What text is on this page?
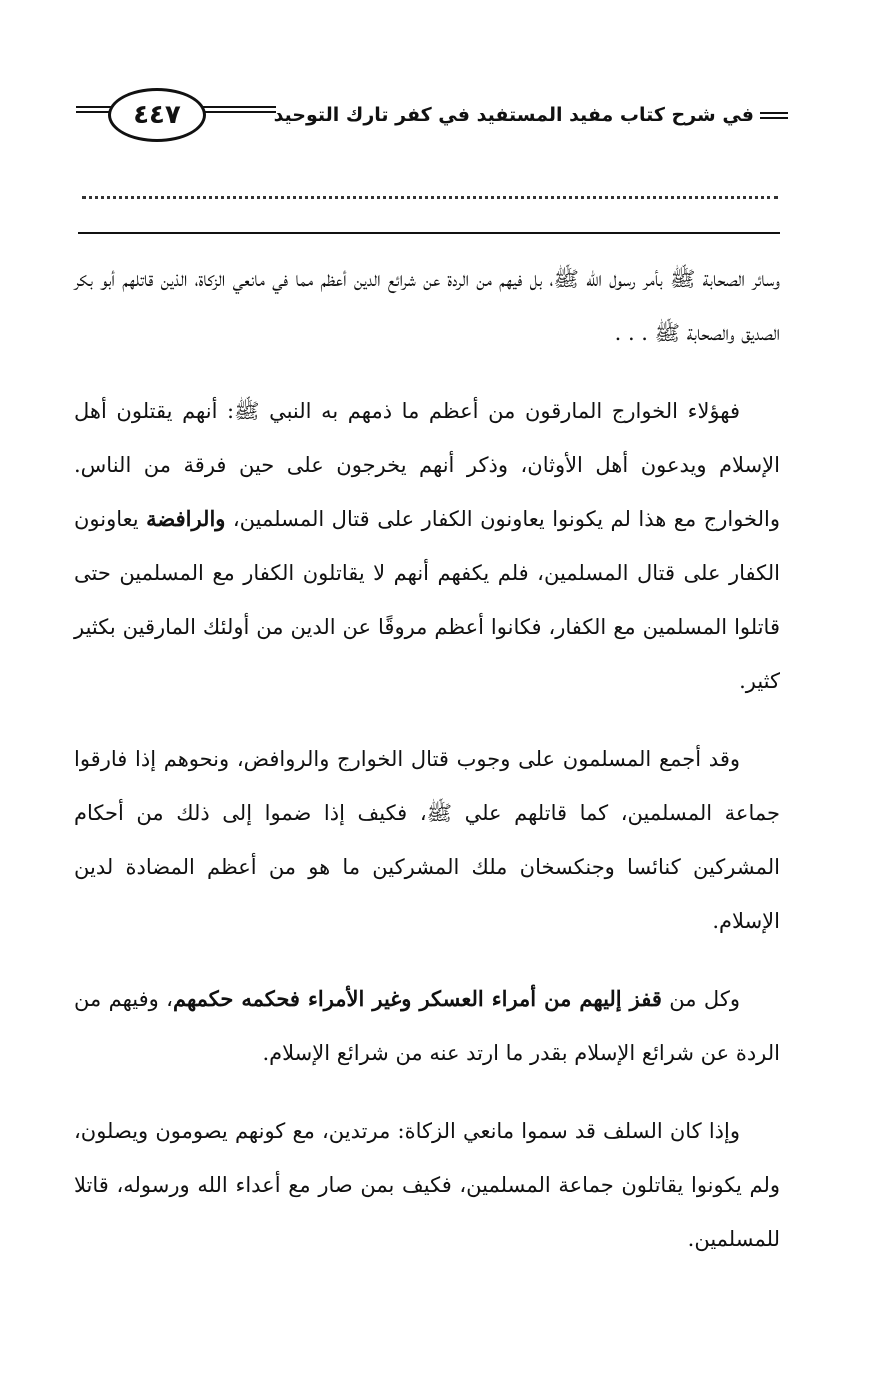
٤٤٧	في شرح كتاب مفيد المستفيد في كفر تارك التوحيد

وسائر الصحابة ﷺ بأمر رسول الله ﷺ، بل فيهم من الردة عن شرائع الدين أعظم مما في مانعي الزكاة، الذين قاتلهم أبو بكر الصديق والصحابة ﷺ . . .

فهؤلاء الخوارج المارقون من أعظم ما ذمهم به النبي ﷺ: أنهم يقتلون أهل الإسلام ويدعون أهل الأوثان، وذكر أنهم يخرجون على حين فرقة من الناس. والخوارج مع هذا لم يكونوا يعاونون الكفار على قتال المسلمين، والرافضة يعاونون الكفار على قتال المسلمين، فلم يكفهم أنهم لا يقاتلون الكفار مع المسلمين حتى قاتلوا المسلمين مع الكفار، فكانوا أعظم مروقًا عن الدين من أولئك المارقين بكثير كثير.

وقد أجمع المسلمون على وجوب قتال الخوارج والروافض، ونحوهم إذا فارقوا جماعة المسلمين، كما قاتلهم علي ﷺ، فكيف إذا ضموا إلى ذلك من أحكام المشركين كنائسا وجنكسخان ملك المشركين ما هو من أعظم المضادة لدين الإسلام.

وكل من قفز إليهم من أمراء العسكر وغير الأمراء فحكمه حكمهم، وفيهم من الردة عن شرائع الإسلام بقدر ما ارتد عنه من شرائع الإسلام.

وإذا كان السلف قد سموا مانعي الزكاة: مرتدين، مع كونهم يصومون ويصلون، ولم يكونوا يقاتلون جماعة المسلمين، فكيف بمن صار مع أعداء الله ورسوله، قاتلا للمسلمين.
